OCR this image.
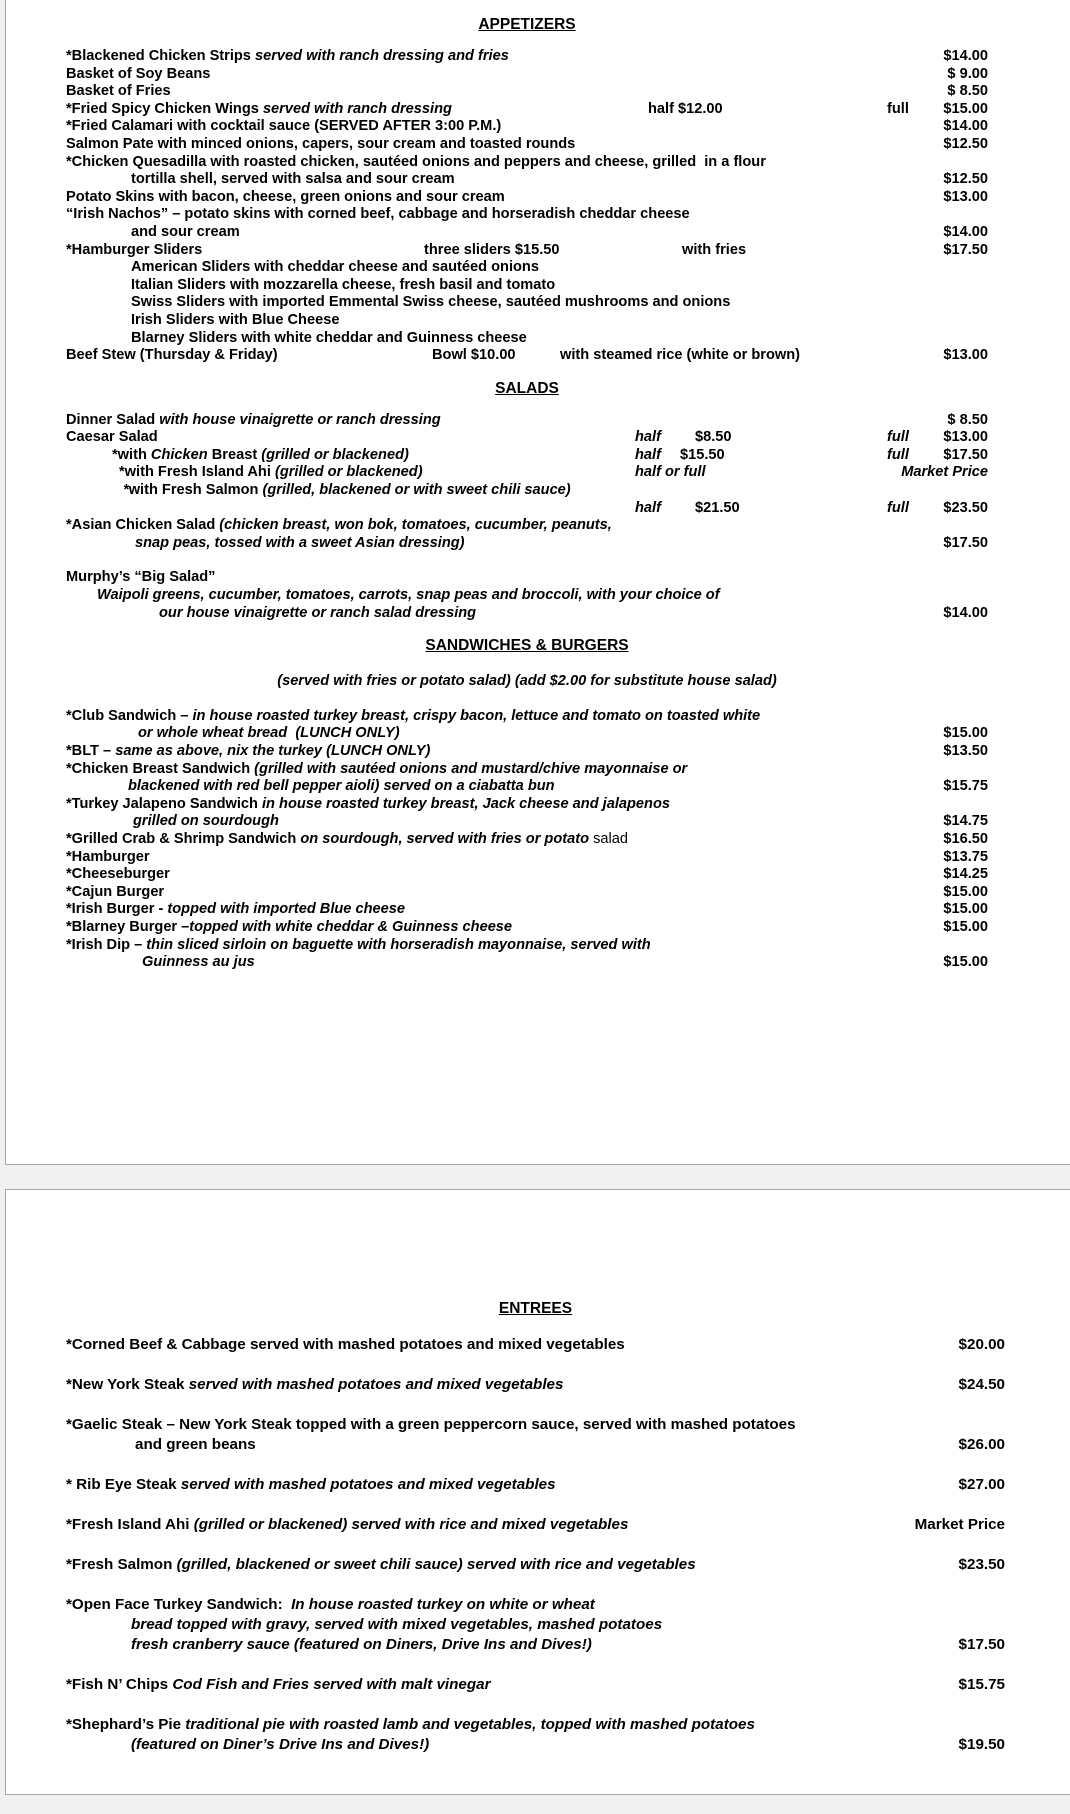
APPETIZERS
*Blackened Chicken Strips served with ranch dressing and fries	$14.00
Basket of Soy Beans	$ 9.00
Basket of Fries	$ 8.50
*Fried Spicy Chicken Wings served with ranch dressing	half $12.00	full $15.00
*Fried Calamari with cocktail sauce (SERVED AFTER 3:00 P.M.)	$14.00
Salmon Pate with minced onions, capers, sour cream and toasted rounds	$12.50
*Chicken Quesadilla with roasted chicken, sautéed onions and peppers and cheese, grilled  in a flour
tortilla shell, served with salsa and sour cream	$12.50
Potato Skins with bacon, cheese, green onions and sour cream	$13.00
“Irish Nachos” – potato skins with corned beef, cabbage and horseradish cheddar cheese
and sour cream	$14.00
*Hamburger Sliders	three sliders $15.50	with fries	$17.50
American Sliders with cheddar cheese and sautéed onions
Italian Sliders with mozzarella cheese, fresh basil and tomato
Swiss Sliders with imported Emmental Swiss cheese, sautéed mushrooms and onions
Irish Sliders with Blue Cheese
Blarney Sliders with white cheddar and Guinness cheese
Beef Stew (Thursday & Friday)	Bowl $10.00	with steamed rice (white or brown)	$13.00
SALADS
Dinner Salad with house vinaigrette or ranch dressing	$ 8.50
Caesar Salad	half $8.50	full $13.00
*with Chicken Breast (grilled or blackened)	half $15.50	full $17.50
*with Fresh Island Ahi (grilled or blackened)	half or full	Market Price
*with Fresh Salmon (grilled, blackened or with sweet chili sauce)
half $21.50	full $23.50
*Asian Chicken Salad (chicken breast, won bok, tomatoes, cucumber, peanuts,
snap peas, tossed with a sweet Asian dressing)	$17.50
Murphy’s “Big Salad”
Waipoli greens, cucumber, tomatoes, carrots, snap peas and broccoli, with your choice of
our house vinaigrette or ranch salad dressing	$14.00
SANDWICHES & BURGERS
(served with fries or potato salad) (add $2.00 for substitute house salad)
*Club Sandwich – in house roasted turkey breast, crispy bacon, lettuce and tomato on toasted white
or whole wheat bread  (LUNCH ONLY)	$15.00
*BLT – same as above, nix the turkey (LUNCH ONLY)	$13.50
*Chicken Breast Sandwich (grilled with sautéed onions and mustard/chive mayonnaise or
blackened with red bell pepper aioli) served on a ciabatta bun	$15.75
*Turkey Jalapeno Sandwich in house roasted turkey breast, Jack cheese and jalapenos
grilled on sourdough	$14.75
*Grilled Crab & Shrimp Sandwich on sourdough, served with fries or potato salad	$16.50
*Hamburger	$13.75
*Cheeseburger	$14.25
*Cajun Burger	$15.00
*Irish Burger - topped with imported Blue cheese	$15.00
*Blarney Burger –topped with white cheddar & Guinness cheese	$15.00
*Irish Dip – thin sliced sirloin on baguette with horseradish mayonnaise, served with
Guinness au jus	$15.00
ENTREES
*Corned Beef & Cabbage served with mashed potatoes and mixed vegetables	$20.00
*New York Steak served with mashed potatoes and mixed vegetables	$24.50
*Gaelic Steak – New York Steak topped with a green peppercorn sauce, served with mashed potatoes
and green beans	$26.00
* Rib Eye Steak served with mashed potatoes and mixed vegetables	$27.00
*Fresh Island Ahi (grilled or blackened) served with rice and mixed vegetables	Market Price
*Fresh Salmon (grilled, blackened or sweet chili sauce) served with rice and vegetables	$23.50
*Open Face Turkey Sandwich:  In house roasted turkey on white or wheat
bread topped with gravy, served with mixed vegetables, mashed potatoes
fresh cranberry sauce (featured on Diners, Drive Ins and Dives!)	$17.50
*Fish N’ Chips Cod Fish and Fries served with malt vinegar	$15.75
*Shephard’s Pie traditional pie with roasted lamb and vegetables, topped with mashed potatoes
(featured on Diner’s Drive Ins and Dives!)	$19.50
